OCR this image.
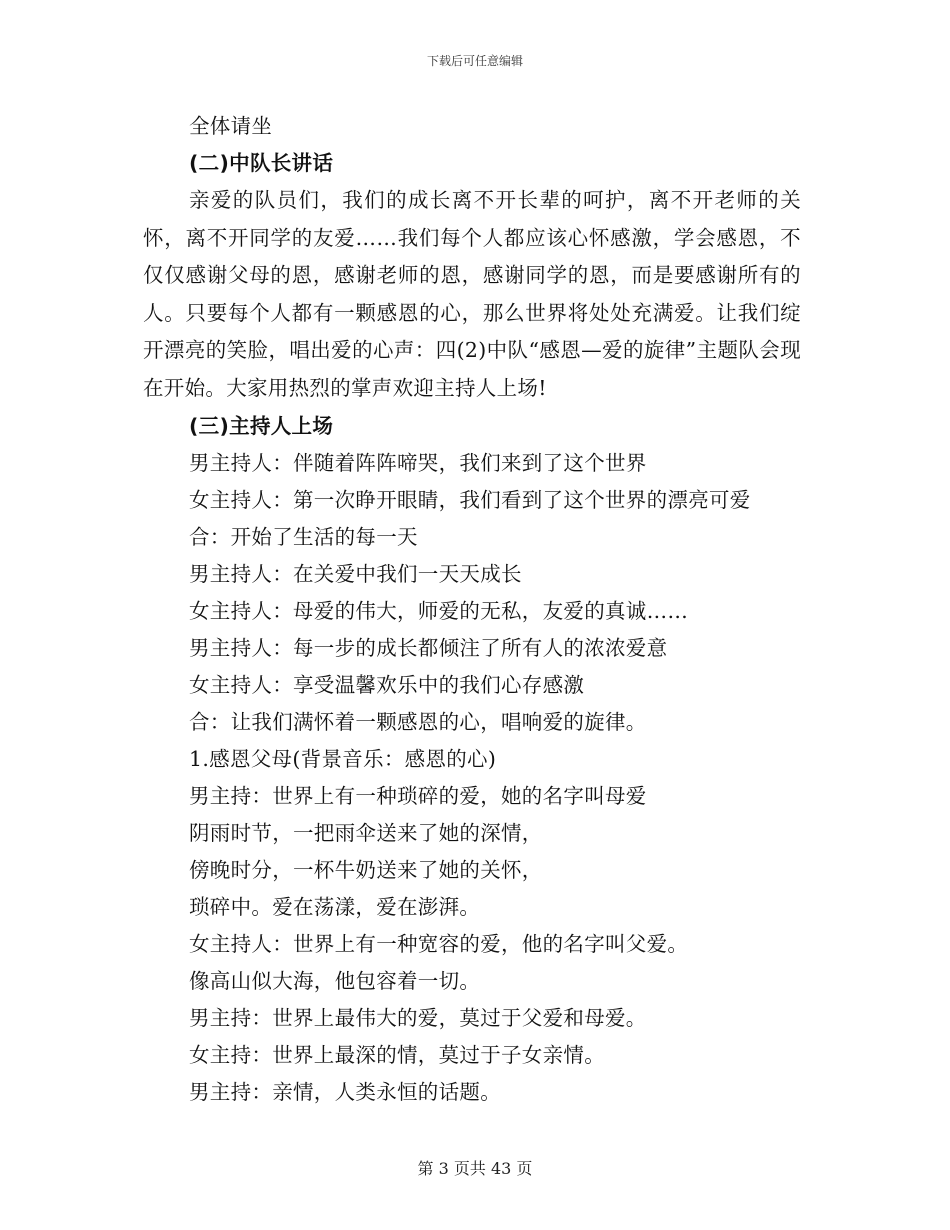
下载后可任意编辑
全体请坐
(二)中队长讲话
亲爱的队员们，我们的成长离不开长辈的呵护，离不开老师的关怀，离不开同学的友爱……我们每个人都应该心怀感激，学会感恩，不仅仅感谢父母的恩，感谢老师的恩，感谢同学的恩，而是要感谢所有的人。只要每个人都有一颗感恩的心，那么世界将处处充满爱。让我们绽开漂亮的笑脸，唱出爱的心声：四(2)中队“感恩—爱的旋律”主题队会现在开始。大家用热烈的掌声欢迎主持人上场!
(三)主持人上场
男主持人：伴随着阵阵啼哭，我们来到了这个世界
女主持人：第一次睁开眼睛，我们看到了这个世界的漂亮可爱
合：开始了生活的每一天
男主持人：在关爱中我们一天天成长
女主持人：母爱的伟大，师爱的无私，友爱的真诚……
男主持人：每一步的成长都倾注了所有人的浓浓爱意
女主持人：享受温馨欢乐中的我们心存感激
合：让我们满怀着一颗感恩的心，唱响爱的旋律。
1.感恩父母(背景音乐：感恩的心)
男主持：世界上有一种琐碎的爱，她的名字叫母爱
阴雨时节，一把雨伞送来了她的深情，
傍晚时分，一杯牛奶送来了她的关怀，
琐碎中。爱在荡漾，爱在澎湃。
女主持人：世界上有一种宽容的爱，他的名字叫父爱。
像高山似大海，他包容着一切。
男主持：世界上最伟大的爱，莫过于父爱和母爱。
女主持：世界上最深的情，莫过于子女亲情。
男主持：亲情，人类永恒的话题。
第 3 页共 43 页
